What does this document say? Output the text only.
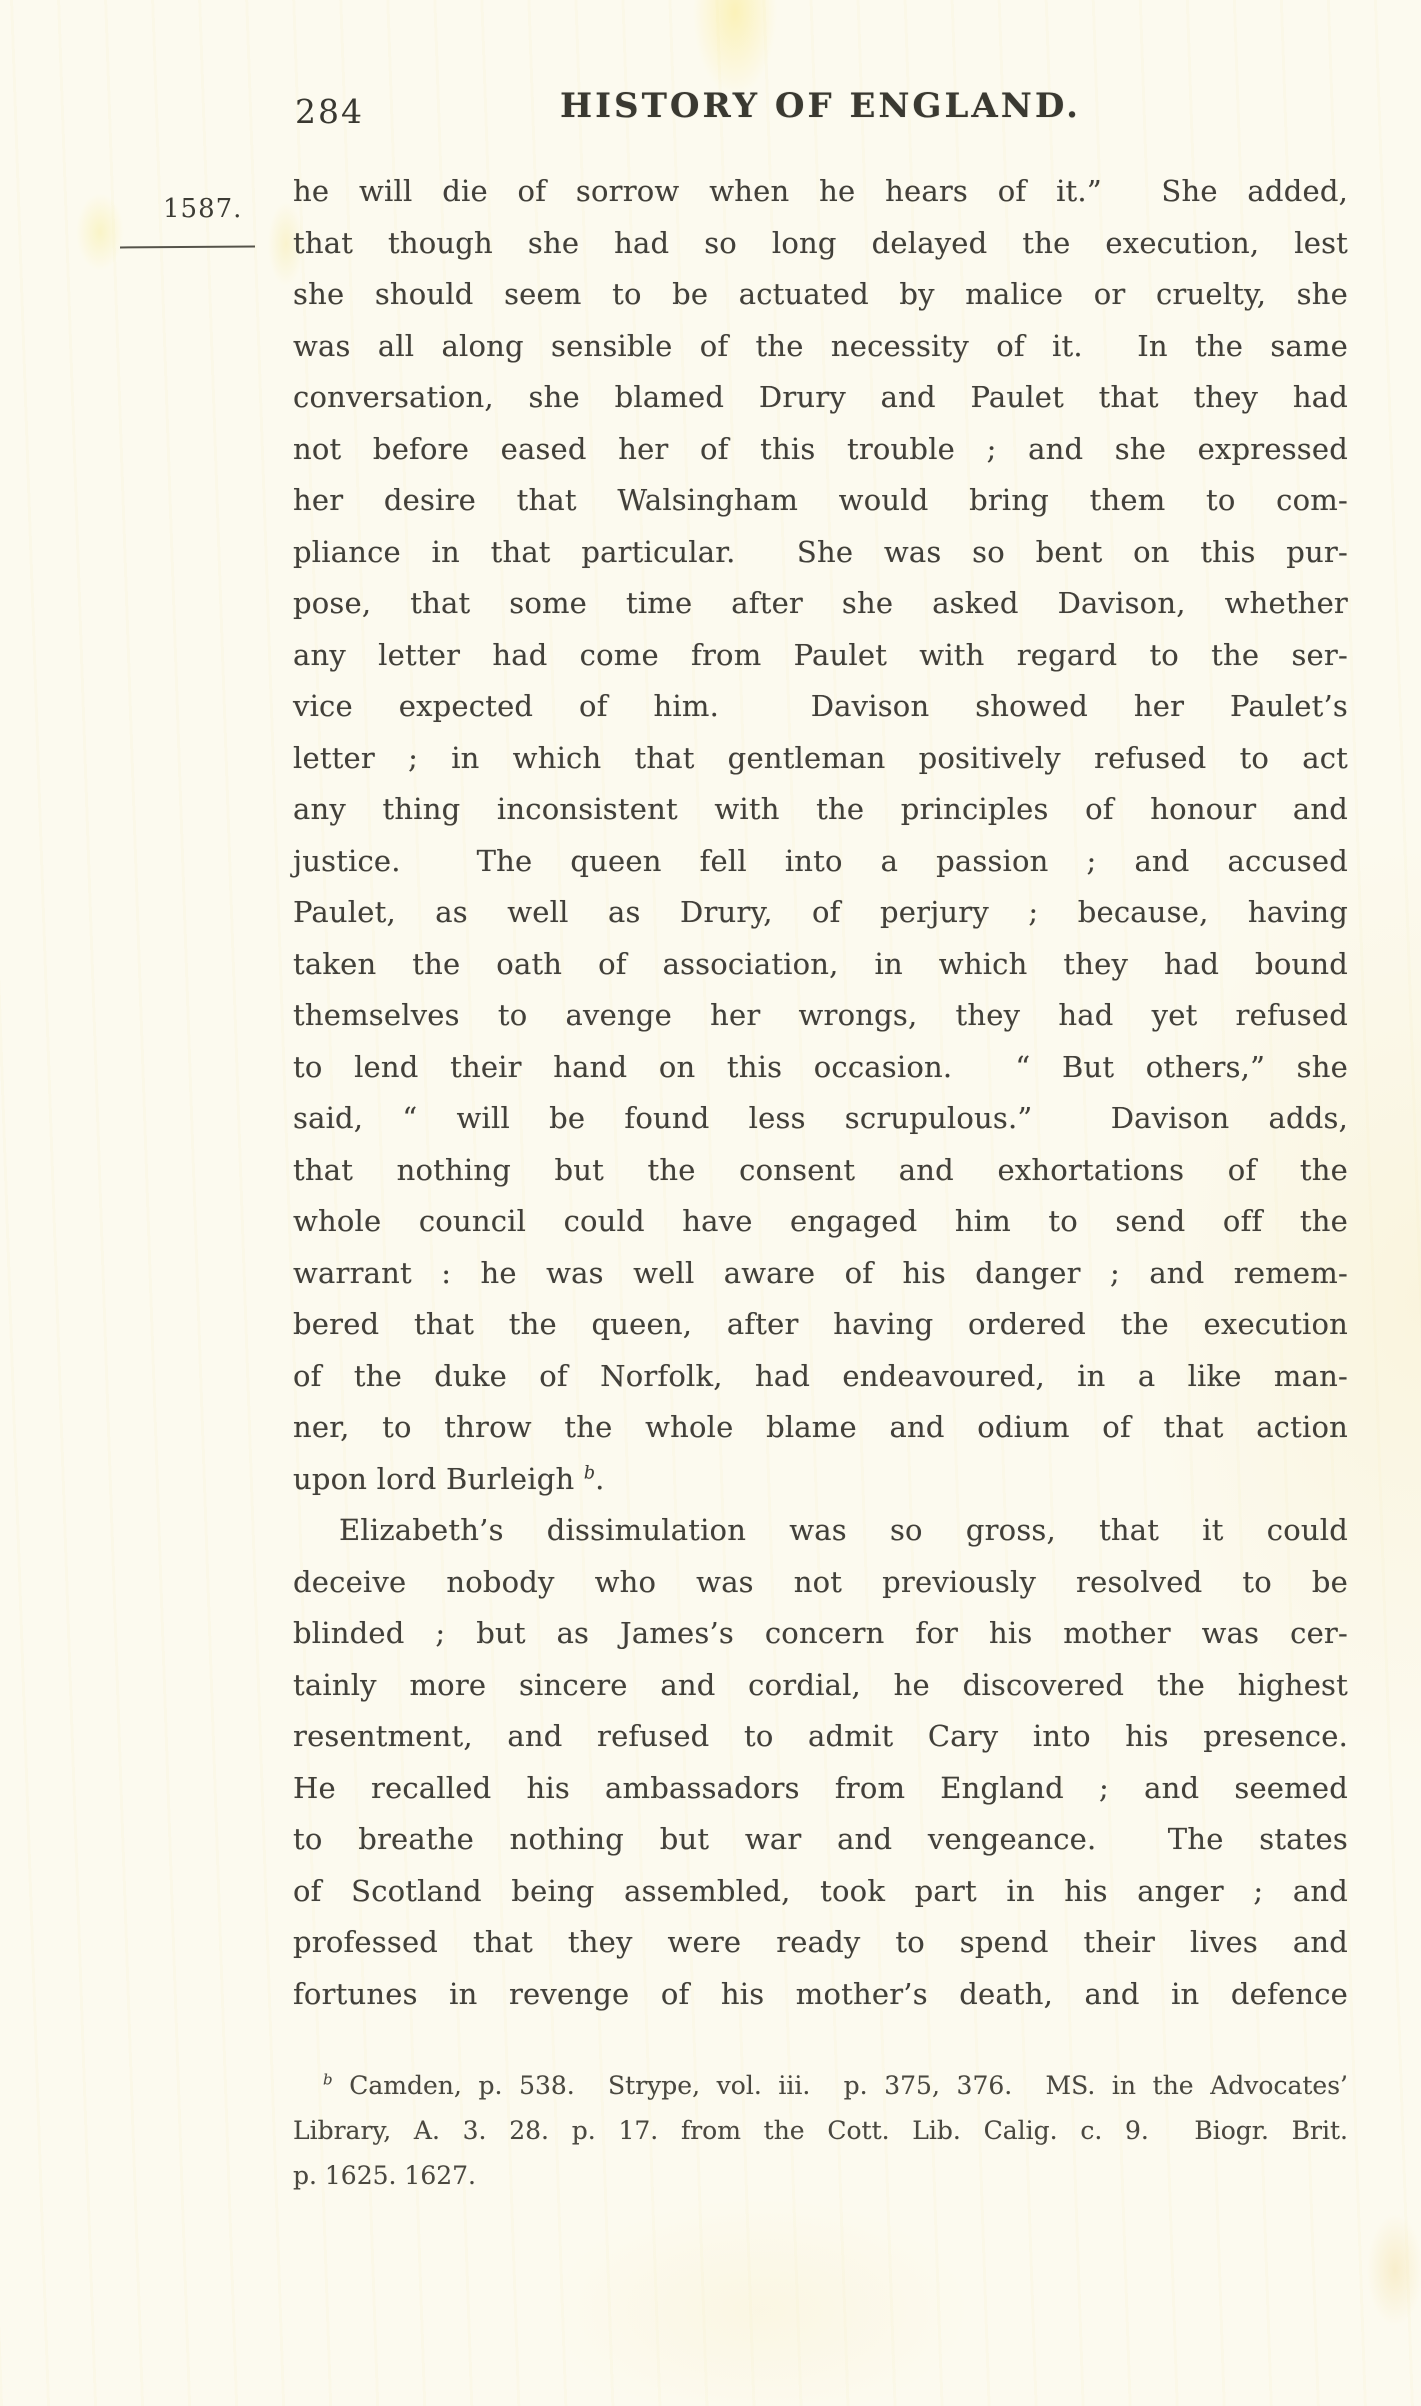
284	HISTORY OF ENGLAND.
1587.
he will die of sorrow when he hears of it.”  She added,
that though she had so long delayed the execution, lest
she should seem to be actuated by malice or cruelty, she
was all along sensible of the necessity of it.  In the same
conversation, she blamed Drury and Paulet that they had
not before eased her of this trouble ; and she expressed
her desire that Walsingham would bring them to com-
pliance in that particular.  She was so bent on this pur-
pose, that some time after she asked Davison, whether
any letter had come from Paulet with regard to the ser-
vice expected of him.  Davison showed her Paulet’s
letter ; in which that gentleman positively refused to act
any thing inconsistent with the principles of honour and
justice.  The queen fell into a passion ; and accused
Paulet, as well as Drury, of perjury ; because, having
taken the oath of association, in which they had bound
themselves to avenge her wrongs, they had yet refused
to lend their hand on this occasion.  “ But others,” she
said, “ will be found less scrupulous.”  Davison adds,
that nothing but the consent and exhortations of the
whole council could have engaged him to send off the
warrant : he was well aware of his danger ; and remem-
bered that the queen, after having ordered the execution
of the duke of Norfolk, had endeavoured, in a like man-
ner, to throw the whole blame and odium of that action
upon lord Burleigh $^b$.
Elizabeth’s dissimulation was so gross, that it could
deceive nobody who was not previously resolved to be
blinded ; but as James’s concern for his mother was cer-
tainly more sincere and cordial, he discovered the highest
resentment, and refused to admit Cary into his presence.
He recalled his ambassadors from England ; and seemed
to breathe nothing but war and vengeance.  The states
of Scotland being assembled, took part in his anger ; and
professed that they were ready to spend their lives and
fortunes in revenge of his mother’s death, and in defence
$^b$ Camden, p. 538.  Strype, vol. iii.  p. 375, 376.  MS. in the Advocates’
Library, A. 3. 28. p. 17. from the Cott. Lib. Calig. c. 9.  Biogr. Brit.
p. 1625. 1627.
